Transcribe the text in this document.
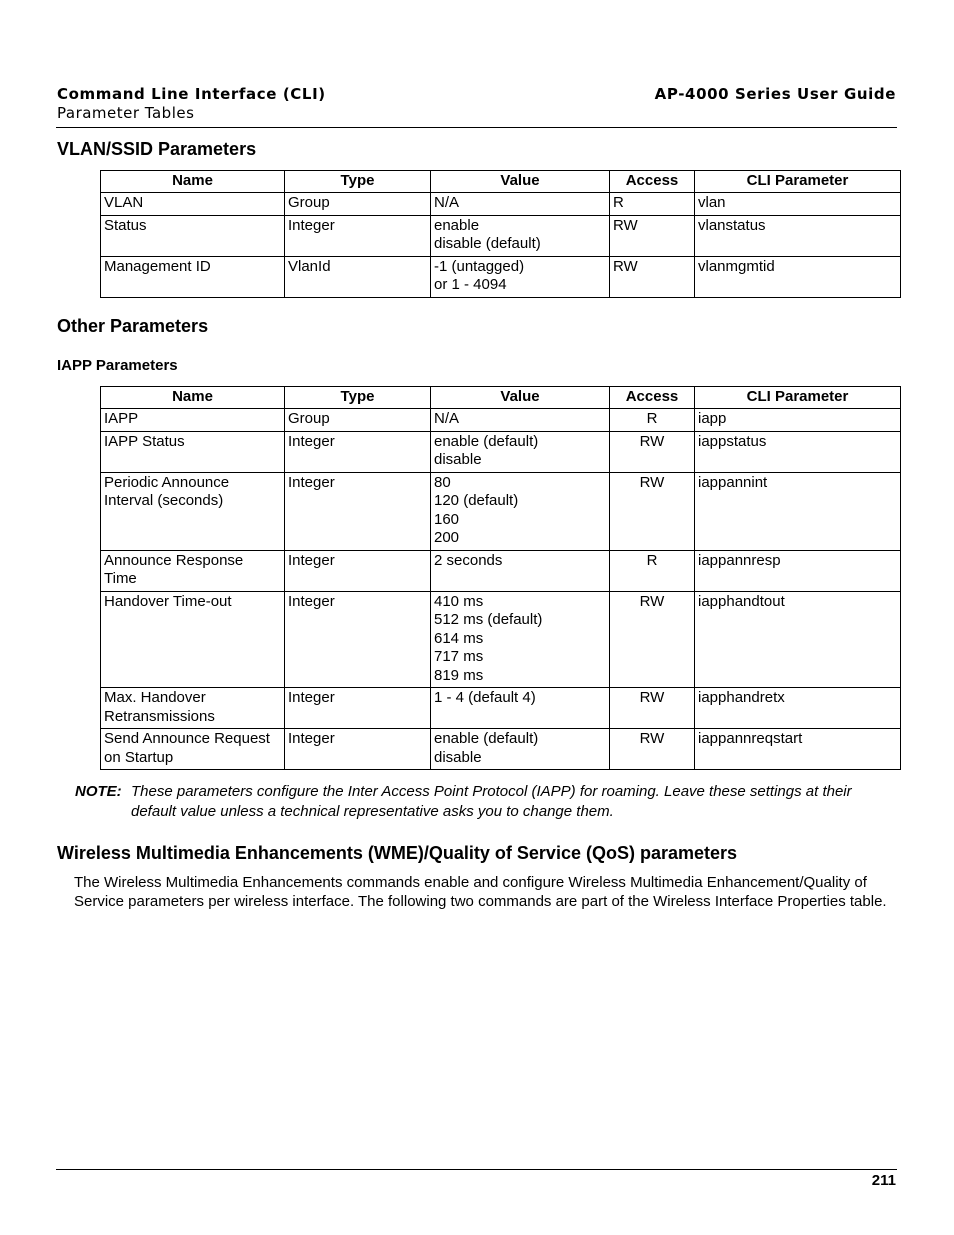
Command Line Interface (CLI)
Parameter Tables
AP-4000 Series User Guide
VLAN/SSID Parameters
Name	Type	Value	Access	CLI Parameter
VLAN	Group	N/A	R	vlan
Status	Integer	enable
disable (default)	RW	vlanstatus
Management ID	VlanId	-1 (untagged)
or 1 - 4094	RW	vlanmgmtid
Other Parameters
IAPP Parameters
Name	Type	Value	Access	CLI Parameter
IAPP	Group	N/A	R	iapp
IAPP Status	Integer	enable (default)
disable	RW	iappstatus
Periodic Announce
Interval (seconds)	Integer	80
120 (default)
160
200	RW	iappannint
Announce Response
Time	Integer	2 seconds	R	iappannresp
Handover Time-out	Integer	410 ms
512 ms (default)
614 ms
717 ms
819 ms	RW	iapphandtout
Max. Handover
Retransmissions	Integer	1 - 4 (default 4)	RW	iapphandretx
Send Announce Request
on Startup	Integer	enable (default)
disable	RW	iappannreqstart
NOTE: These parameters configure the Inter Access Point Protocol (IAPP) for roaming. Leave these settings at their default value unless a technical representative asks you to change them.
Wireless Multimedia Enhancements (WME)/Quality of Service (QoS) parameters
The Wireless Multimedia Enhancements commands enable and configure Wireless Multimedia Enhancement/Quality of Service parameters per wireless interface. The following two commands are part of the Wireless Interface Properties table.
211
